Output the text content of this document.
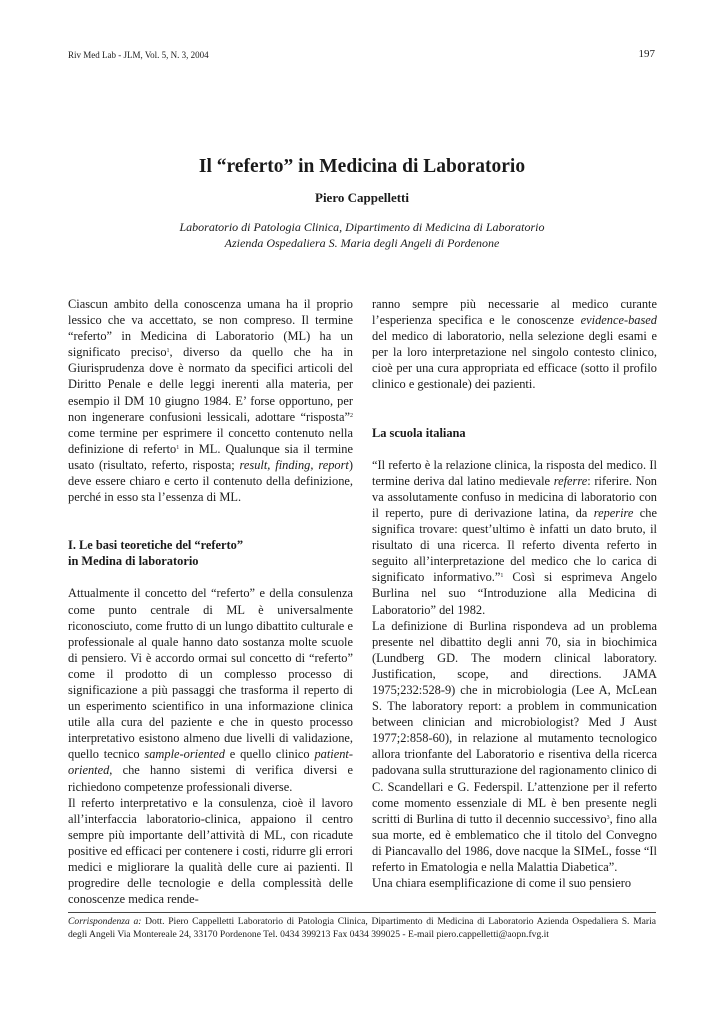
Riv Med Lab - JLM, Vol. 5, N. 3, 2004	197
Il “referto” in Medicina di Laboratorio
Piero Cappelletti
Laboratorio di Patologia Clinica, Dipartimento di Medicina di Laboratorio
Azienda Ospedaliera S. Maria degli Angeli di Pordenone

Ciascun ambito della conoscenza umana ha il proprio lessico che va accettato, se non compreso. Il termine “referto” in Medicina di Laboratorio (ML) ha un significato preciso$^1$, diverso da quello che ha in Giurisprudenza dove è normato da specifici articoli del Diritto Penale e delle leggi inerenti alla materia, per esempio il DM 10 giugno 1984. E’ forse opportuno, per non ingenerare confusioni lessicali, adottare “risposta”$^2$ come termine per esprimere il concetto contenuto nella definizione di referto$^1$ in ML. Qualunque sia il termine usato (risultato, referto, risposta; result, finding, report) deve essere chiaro e certo il contenuto della definizione, perché in esso sta l’essenza di ML.

I. Le basi teoretiche del “referto”
in Medina di laboratorio

Attualmente il concetto del “referto” e della consulenza come punto centrale di ML è universalmente riconosciuto, come frutto di un lungo dibattito culturale e professionale al quale hanno dato sostanza molte scuole di pensiero. Vi è accordo ormai sul concetto di “referto” come il prodotto di un complesso processo di significazione a più passaggi che trasforma il reperto di un esperimento scientifico in una informazione clinica utile alla cura del paziente e che in questo processo interpretativo esistono almeno due livelli di validazione, quello tecnico sample-oriented e quello clinico patient-oriented, che hanno sistemi di verifica diversi e richiedono competenze professionali diverse.

Il referto interpretativo e la consulenza, cioè il lavoro all’interfaccia laboratorio-clinica, appaiono il centro sempre più importante dell’attività di ML, con ricadute positive ed efficaci per contenere i costi, ridurre gli errori medici e migliorare la qualità delle cure ai pazienti. Il progredire delle tecnologie e della complessità delle conoscenze medica rende-

ranno sempre più necessarie al medico curante l’esperienza specifica e le conoscenze evidence-based del medico di laboratorio, nella selezione degli esami e per la loro interpretazione nel singolo contesto clinico, cioè per una cura appropriata ed efficace (sotto il profilo clinico e gestionale) dei pazienti.

La scuola italiana

“Il referto è la relazione clinica, la risposta del medico. Il termine deriva dal latino medievale referre: riferire. Non va assolutamente confuso in medicina di laboratorio con il reperto, pure di derivazione latina, da reperire che significa trovare: quest’ultimo è infatti un dato bruto, il risultato di una ricerca. Il referto diventa referto in seguito all’interpretazione del medico che lo carica di significato informativo.”$^1$ Così si esprimeva Angelo Burlina nel suo “Introduzione alla Medicina di Laboratorio” del 1982.

La definizione di Burlina rispondeva ad un problema presente nel dibattito degli anni 70, sia in biochimica (Lundberg GD. The modern clinical laboratory. Justification, scope, and directions. JAMA 1975;232:528-9) che in microbiologia (Lee A, McLean S. The laboratory report: a problem in communication between clinician and microbiologist? Med J Aust 1977;2:858-60), in relazione al mutamento tecnologico allora trionfante del Laboratorio e risentiva della ricerca padovana sulla strutturazione del ragionamento clinico di C. Scandellari e G. Federspil. L’attenzione per il referto come momento essenziale di ML è ben presente negli scritti di Burlina di tutto il decennio successivo$^3$, fino alla sua morte, ed è emblematico che il titolo del Convegno di Piancavallo del 1986, dove nacque la SIMeL, fosse “Il referto in Ematologia e nella Malattia Diabetica”.

Una chiara esemplificazione di come il suo pensiero

Corrispondenza a: Dott. Piero Cappelletti Laboratorio di Patologia Clinica, Dipartimento di Medicina di Laboratorio Azienda Ospedaliera S. Maria degli Angeli Via Montereale 24, 33170 Pordenone Tel. 0434 399213 Fax 0434 399025 - E-mail piero.cappelletti@aopn.fvg.it
